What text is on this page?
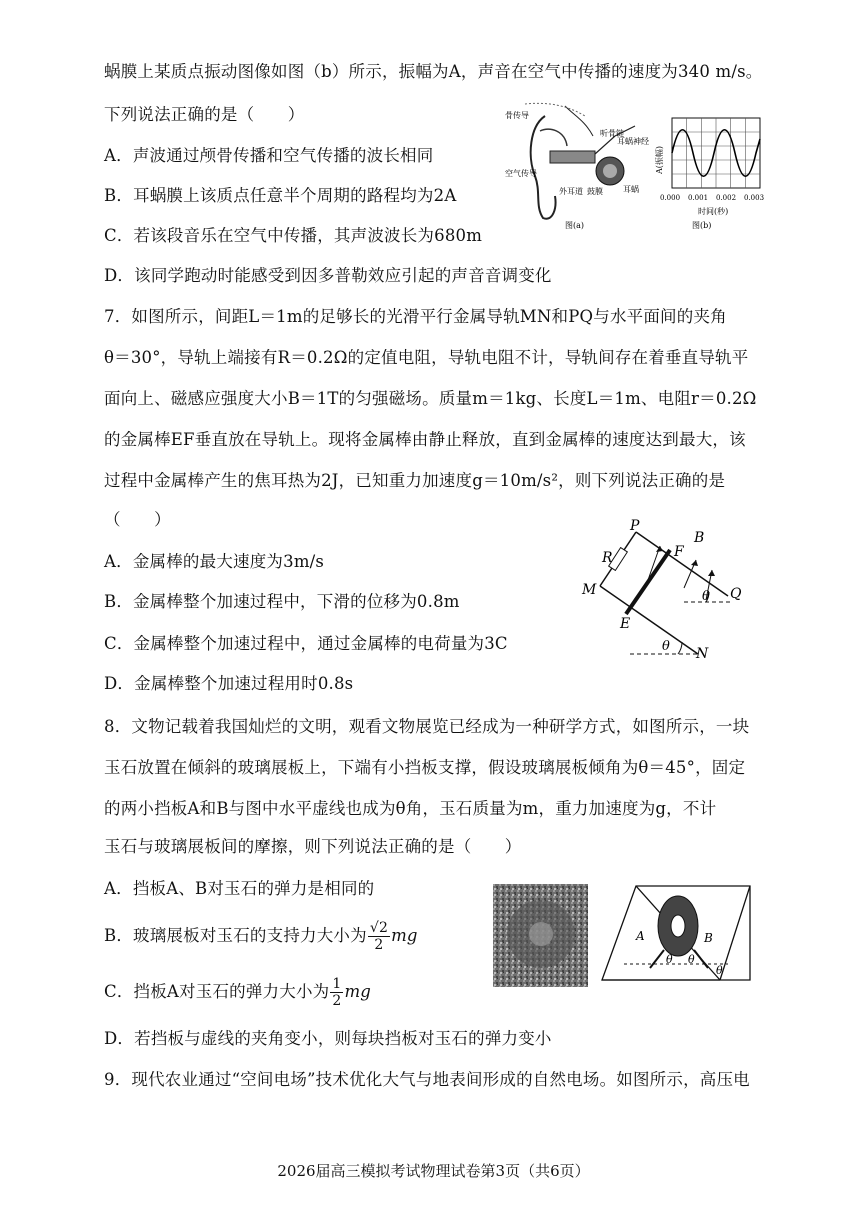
蜗膜上某质点振动图像如图（b）所示，振幅为A，声音在空气中传播的速度为340 m/s。
下列说法正确的是（　　）
A．声波通过颅骨传播和空气传播的波长相同
B．耳蜗膜上该质点任意半个周期的路程均为2A
C．若该段音乐在空气中传播，其声波波长为680m
D．该同学跑动时能感受到因多普勒效应引起的声音音调变化
骨传导
听骨链
耳蜗神经
空气传导
外耳道 鼓膜	耳蜗
图(a)
A(振幅)
0.000 0.001 0.002 0.003
时间(秒)
图(b)
7．如图所示，间距L＝1m的足够长的光滑平行金属导轨MN和PQ与水平面间的夹角
θ＝30°，导轨上端接有R＝0.2Ω的定值电阻，导轨电阻不计，导轨间存在着垂直导轨平
面向上、磁感应强度大小B＝1T的匀强磁场。质量m＝1kg、长度L＝1m、电阻r＝0.2Ω
的金属棒EF垂直放在导轨上。现将金属棒由静止释放，直到金属棒的速度达到最大，该
过程中金属棒产生的焦耳热为2J，已知重力加速度g＝10m/s²，则下列说法正确的是
（　　）
A．金属棒的最大速度为3m/s
B．金属棒整个加速过程中，下滑的位移为0.8m
C．金属棒整个加速过程中，通过金属棒的电荷量为3C
D．金属棒整个加速过程用时0.8s
P
B
F
R
M	Q
E
N
θ
θ
8．文物记载着我国灿烂的文明，观看文物展览已经成为一种研学方式，如图所示，一块
玉石放置在倾斜的玻璃展板上，下端有小挡板支撑，假设玻璃展板倾角为θ＝45°，固定
的两小挡板A和B与图中水平虚线也成为θ角，玉石质量为m，重力加速度为g，不计
玉石与玻璃展板间的摩擦，则下列说法正确的是（　　）
A．挡板A、B对玉石的弹力是相同的
B．玻璃展板对玉石的支持力大小为 $\frac{√2}{2}$ mg
C．挡板A对玉石的弹力大小为 $\frac{1}{2}$ mg
D．若挡板与虚线的夹角变小，则每块挡板对玉石的弹力变小
A	B
θ θ
θ
9．现代农业通过“空间电场”技术优化大气与地表间形成的自然电场。如图所示，高压电
2026届高三模拟考试物理试卷第3页（共6页）
